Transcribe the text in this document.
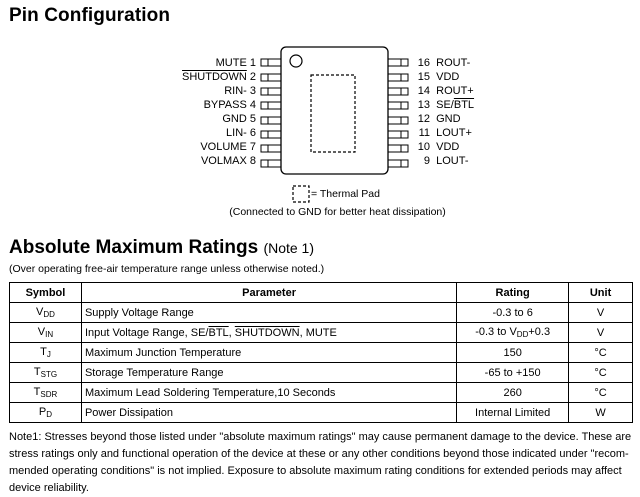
Pin Configuration
MUTE 1
SHUTDOWN 2
RIN- 3
BYPASS 4
GND 5
LIN- 6
VOLUME 7
VOLMAX 8
16 ROUT-
15 VDD
14 ROUT+
13 $SE/\overline{BTL}$
12 GND
11 LOUT+
10 VDD
9 LOUT-
= Thermal Pad
(Connected to GND for better heat dissipation)
Absolute Maximum Ratings (Note 1)
(Over operating free-air temperature range unless otherwise noted.)
Symbol	Parameter	Rating	Unit
$V_{DD}$	Supply Voltage Range	-0.3 to 6	V
$V_{IN}$	Input Voltage Range, $SE/\overline{BTL}$, SHUTDOWN, MUTE	-0.3 to $V_{DD}+0.3$	V
$T_J$	Maximum Junction Temperature	150	°C
$T_{STG}$	Storage Temperature Range	-65 to +150	°C
$T_{SDR}$	Maximum Lead Soldering Temperature,10 Seconds	260	°C
$P_D$	Power Dissipation	Internal Limited	W
Note1: Stresses beyond those listed under "absolute maximum ratings" may cause permanent damage to the device. These are stress ratings only and functional operation of the device at these or any other conditions beyond those indicated under "recom-mended operating conditions" is not implied. Exposure to absolute maximum rating conditions for extended periods may affect device reliability.
